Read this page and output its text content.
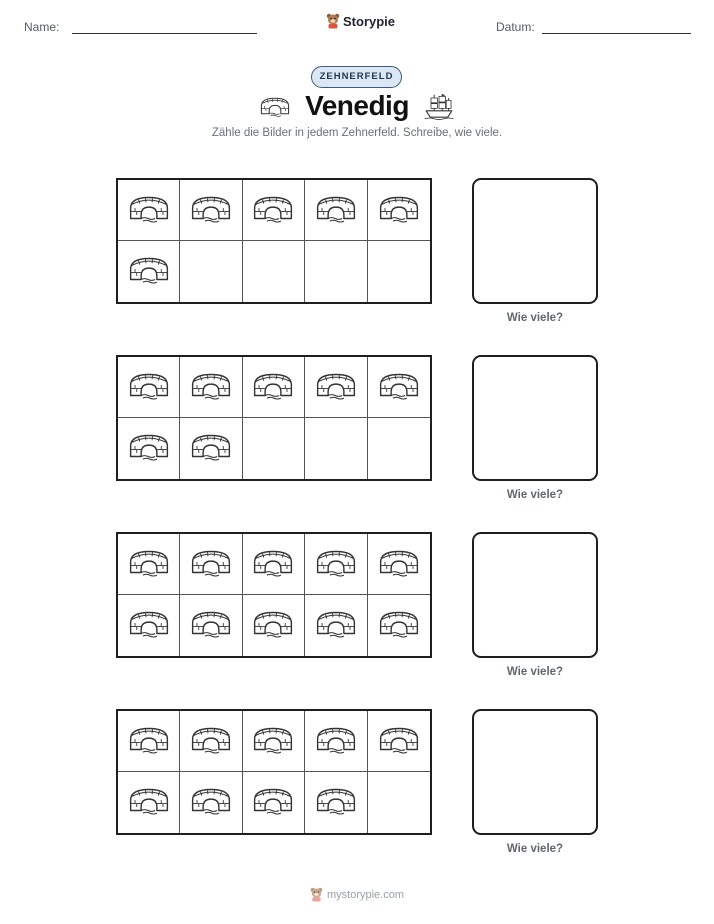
Name:	Datum:
Storypie
ZEHNERFELD
Venedig
Zähle die Bilder in jedem Zehnerfeld. Schreibe, wie viele.
Wie viele?
Wie viele?
Wie viele?
Wie viele?
mystorypie.com
